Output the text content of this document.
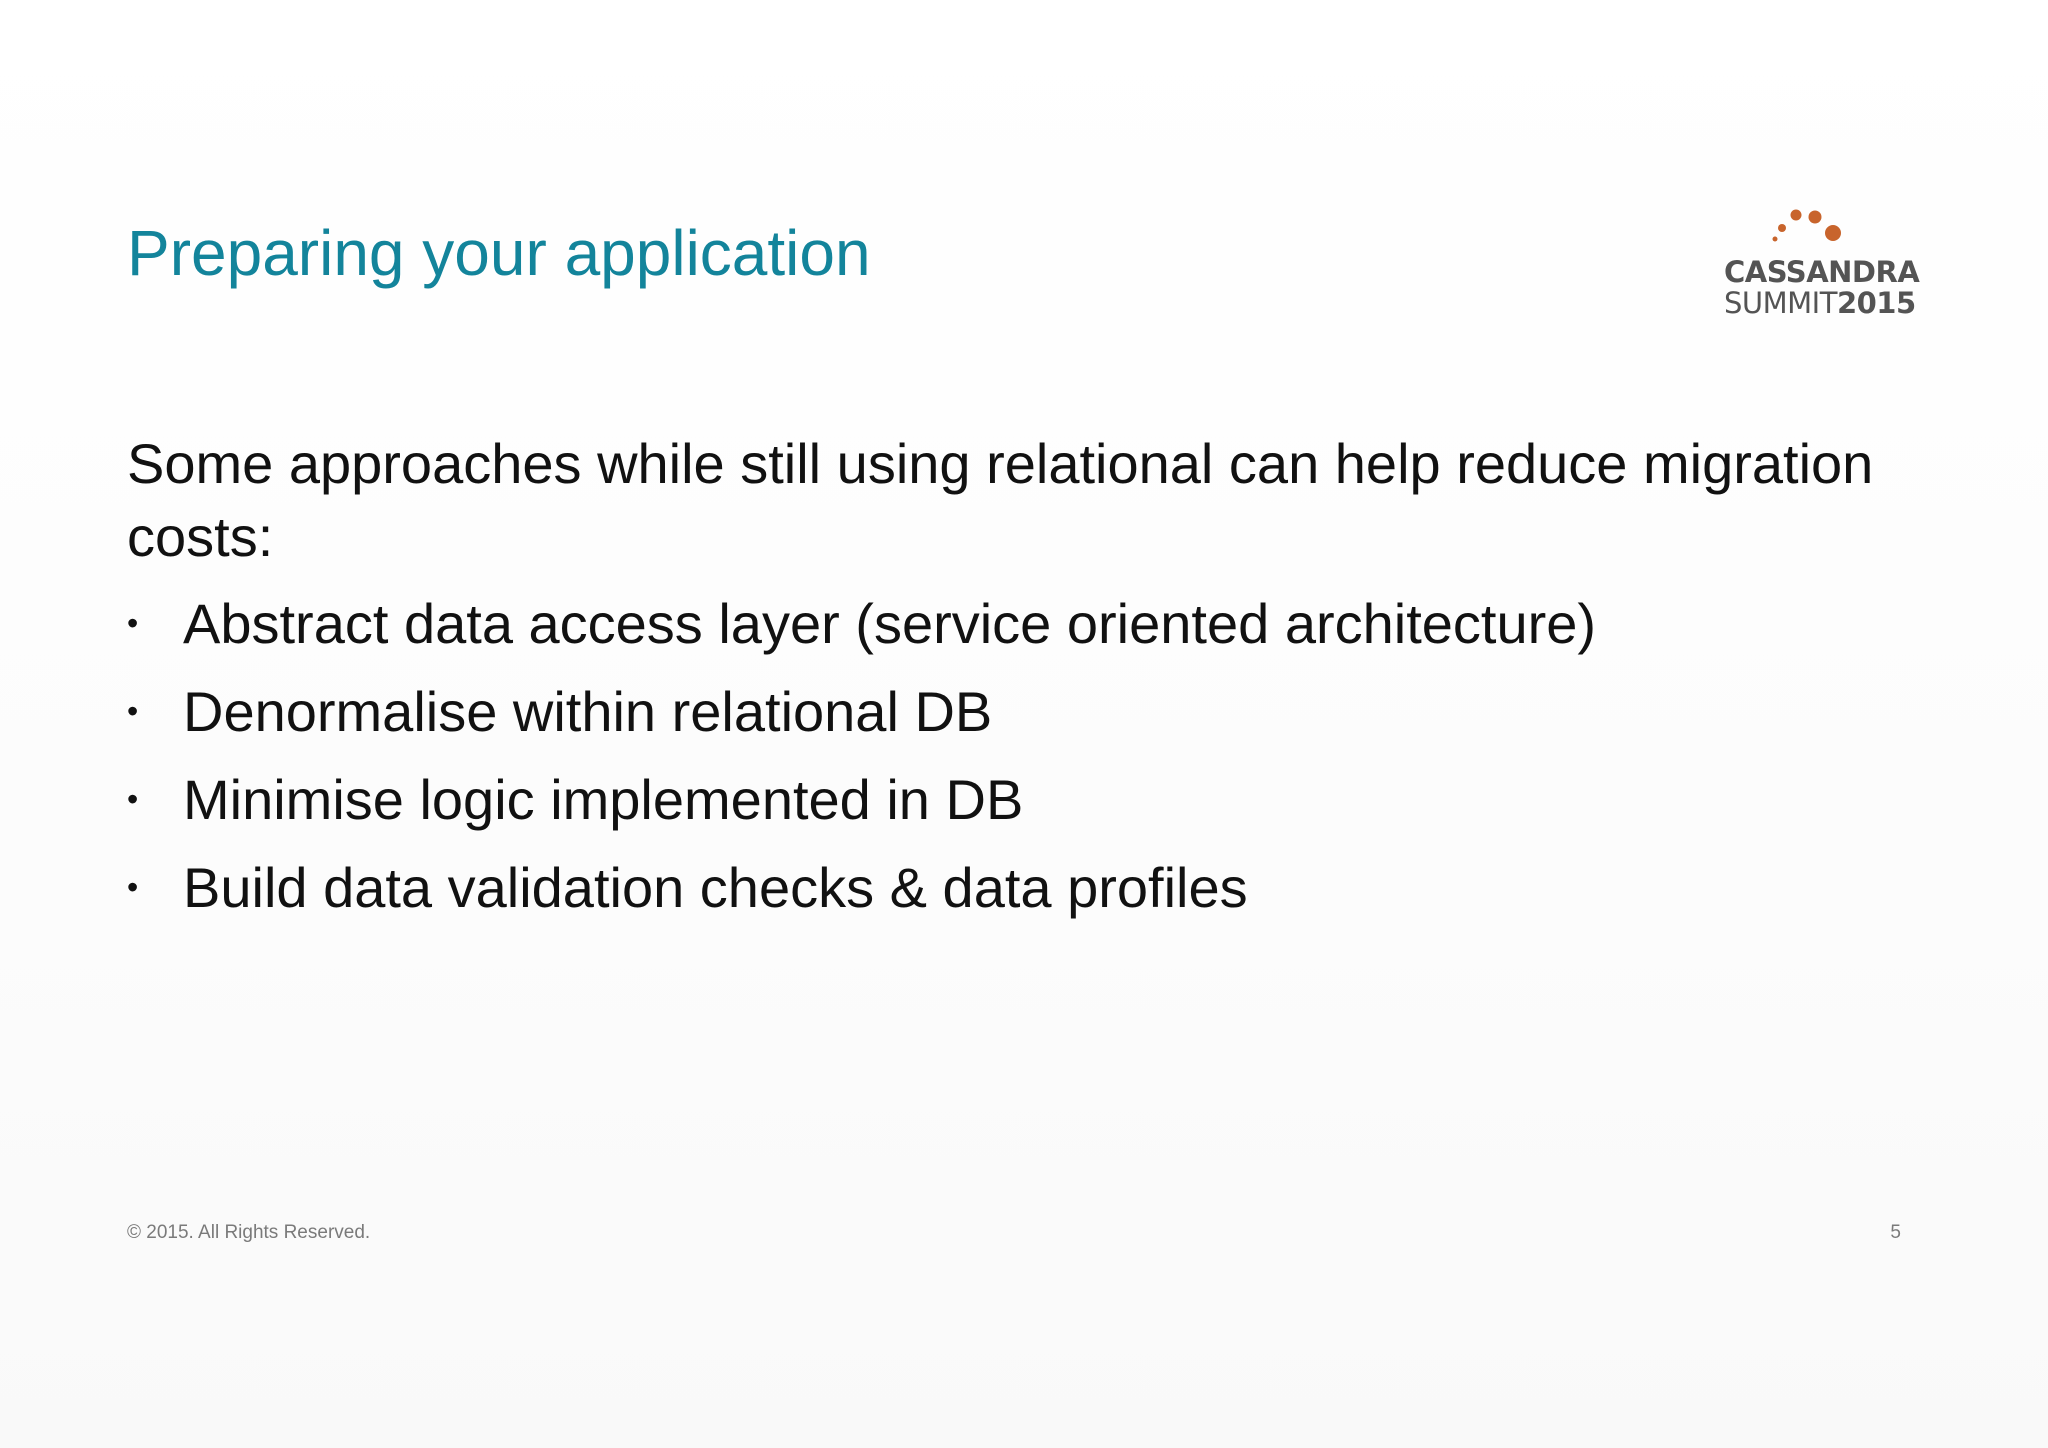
Preparing your application	CASSANDRA
SUMMIT2015

Some approaches while still using relational can help reduce migration costs:

• Abstract data access layer (service oriented architecture)
• Denormalise within relational DB
• Minimise logic implemented in DB
• Build data validation checks & data profiles
© 2015. All Rights Reserved.	5
